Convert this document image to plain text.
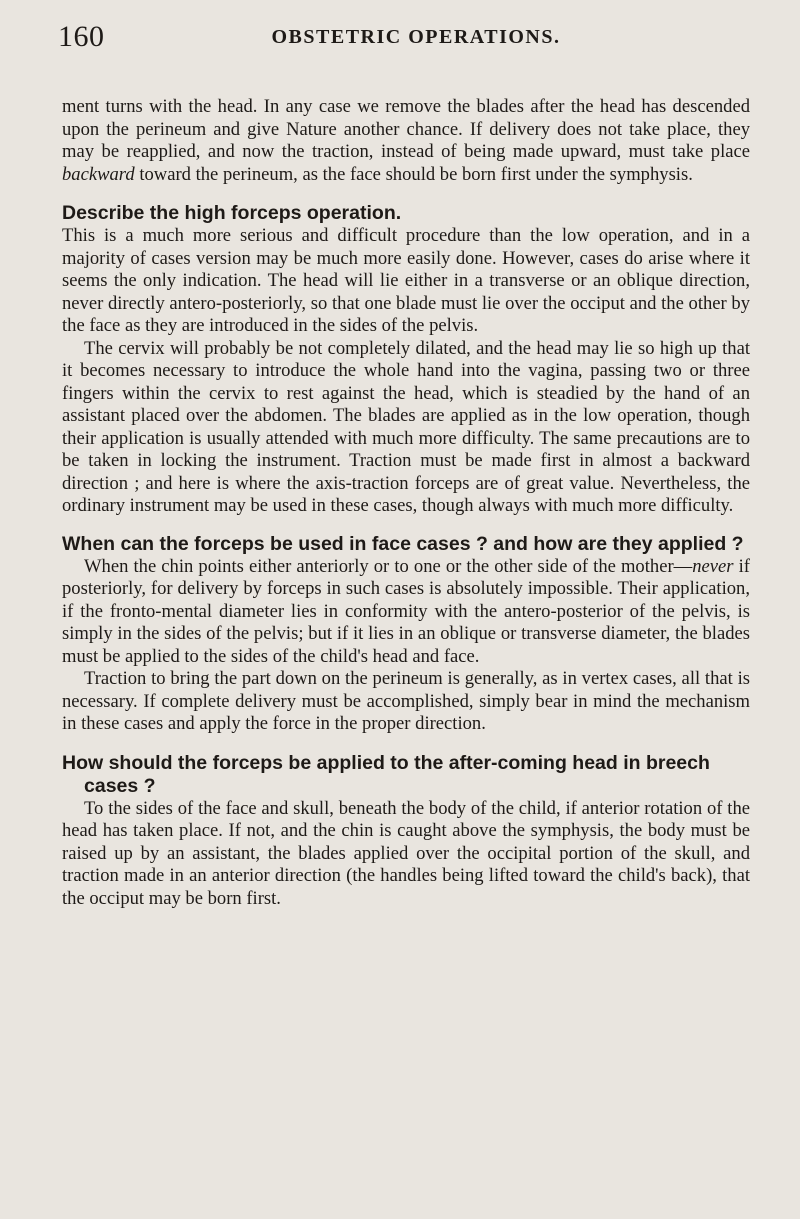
160	OBSTETRIC OPERATIONS.

ment turns with the head. In any case we remove the blades after the head has descended upon the perineum and give Nature another chance. If delivery does not take place, they may be reapplied, and now the traction, instead of being made upward, must take place backward toward the perineum, as the face should be born first under the symphysis.

Describe the high forceps operation.

This is a much more serious and difficult procedure than the low operation, and in a majority of cases version may be much more easily done. However, cases do arise where it seems the only indication. The head will lie either in a transverse or an oblique direction, never directly antero-posteriorly, so that one blade must lie over the occiput and the other by the face as they are introduced in the sides of the pelvis.

The cervix will probably be not completely dilated, and the head may lie so high up that it becomes necessary to introduce the whole hand into the vagina, passing two or three fingers within the cervix to rest against the head, which is steadied by the hand of an assistant placed over the abdomen. The blades are applied as in the low operation, though their application is usually attended with much more difficulty. The same precautions are to be taken in locking the instrument. Traction must be made first in almost a backward direction ; and here is where the axis-traction forceps are of great value. Nevertheless, the ordinary instrument may be used in these cases, though always with much more difficulty.

When can the forceps be used in face cases ? and how are they applied ?

When the chin points either anteriorly or to one or the other side of the mother—never if posteriorly, for delivery by forceps in such cases is absolutely impossible. Their application, if the fronto-mental diameter lies in conformity with the antero-posterior of the pelvis, is simply in the sides of the pelvis; but if it lies in an oblique or transverse diameter, the blades must be applied to the sides of the child's head and face.

Traction to bring the part down on the perineum is generally, as in vertex cases, all that is necessary. If complete delivery must be accomplished, simply bear in mind the mechanism in these cases and apply the force in the proper direction.

How should the forceps be applied to the after-coming head in breech cases ?

To the sides of the face and skull, beneath the body of the child, if anterior rotation of the head has taken place. If not, and the chin is caught above the symphysis, the body must be raised up by an assistant, the blades applied over the occipital portion of the skull, and traction made in an anterior direction (the handles being lifted toward the child's back), that the occiput may be born first.
